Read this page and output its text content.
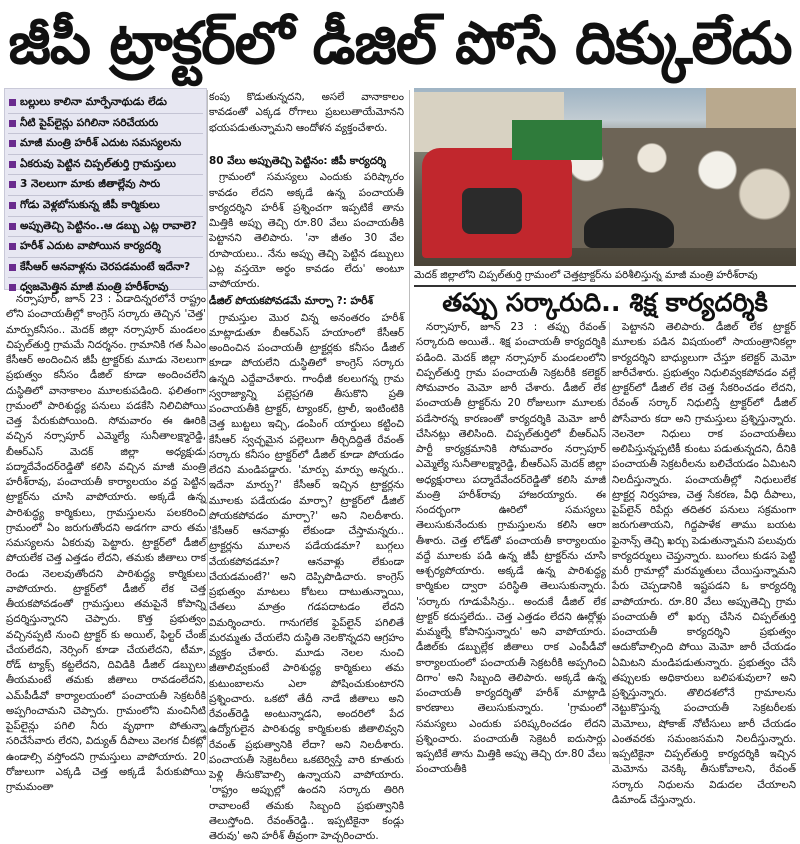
జీపీ ట్రాక్టర్‌లో డీజిల్‌ పోసే దిక్కులేదు
బల్లులు కాలినా మార్పేనాథుడు లేడు
నీటి పైప్‌లైన్లు పగిలినా సరిచేయరు
మాజీ మంత్రి హరీశ్‌ ఎదుట సమస్యలను
ఏకరువు పెట్టిన చిప్పల్‌తుర్తి గ్రామస్తులు
3 నెలలుగా మాకు జీతాల్లేవు సారు
గోడు వెళ్లబోసుకున్న జీపీ కార్మికులు
అప్పుతెచ్చి పెట్టినం..ఆ డబ్బు ఎట్ల రావాలె?
హరీశ్‌ ఎదుట వాపోయిన కార్యదర్శి
కేసీఆర్‌ ఆనవాళ్లను చెరపడమంటే ఇదేనా?
ధ్వజమెత్తిన మాజీ మంత్రి హరీశ్‌రావు

కంపు కొడుతున్నదని, అసలే వానాకాలం కావడంతో ఎక్కడ రోగాలు ప్రబలుతాయేమోనని భయపడుతున్నామని ఆందోళన వ్యక్తంచేశారు.

80 వేలు అప్పుతెచ్చి పెట్టినం: జీపీ కార్యదర్శి

గ్రామంలో సమస్యలు ఎందుకు పరిష్కారం కావడం లేదని అక్కడే ఉన్న పంచాయతీ కార్యదర్శిని హరీశ్‌ ప్రశ్నించగా ఇప్పటికే తాను మిత్తికి అప్పు తెచ్చి రూ.80 వేలు పంచాయతీకి పెట్టానని తెలిపారు. 'నా జీతం 30 వేల రూపాయలు.. నేను అప్పు తెచ్చి పెట్టిన డబ్బులు ఎట్ల వస్తయో అర్థం కావడం లేదు' అంటూ వాపోయారు.

డీజిల్‌ పోయకపోవడమే మార్పా ?: హరీశ్‌

గ్రామస్తుల మొర విన్న అనంతరం హరీశ్‌ మాట్లాడుతూ బీఆర్‌ఎస్‌ హయాంలో కేసీఆర్‌ అందించిన పంచాయతీ ట్రాక్టర్లకు కనీసం డీజిల్‌ కూడా పోయలేని దుస్థితిలో కాంగ్రెస్‌ సర్కారు ఉన్నది ఎద్దేవాచేశారు. గాంధీజీ కలలుగన్న గ్రామ స్వరాజ్యాన్ని పల్లెప్రగతి తీసుకొని ప్రతి పంచాయతీకి ట్రాక్టర్‌, ట్యాంకర్‌, ట్రాలీ, ఇంటింటికి చెత్త బుట్టలు ఇచ్చి, డంపింగ్‌ యార్డులు కట్టించి కేసీఆర్‌ స్వచ్ఛమైన పల్లెలుగా తీర్చిదిద్దితే రేవంత్‌ సర్కారు కనీసం ట్రాక్టర్‌లో డీజిల్‌ కూడా పోయడం లేదని మండిపడ్డారు. 'మార్పు మార్పు అన్నరు.. ఇదేనా మార్పు?' కేసీఆర్‌ ఇచ్చిన ట్రాక్టర్లను మూలకు పడేయడం మార్పా? ట్రాక్టర్‌లో డీజిల్‌ పోయకపోవడం మార్పా?' అని నిలదీశారు. 'కేసీఆర్‌ ఆనవాళ్లు లేకుండా చేస్తామన్నరు.. ట్రాక్టర్లను మూలన పడేయడమా? బుగ్గలు వేయకపోవడమా? ఆనవాళ్లు లేకుండా చేయడమంటే?' అని దెప్పిపొడిచారు. కాంగ్రెస్‌ ప్రభుత్వం మాటలు కోటలు దాటుతున్నాయి, చేతలు మాత్రం గడపదాటడం లేదని విమర్శించారు. గానుగలేక ఫైప్‌లైన్‌ పగిలితే మరమ్మతు చేయలేని దుస్థితి నెలకొన్నదని ఆగ్రహం వ్యక్తం చేశారు. మూడు నెలల నుంచి జీతాలివ్వకుంటే పారిశుద్ధ్య కార్మికులు తమ కుటుంబాలను ఎలా పోషించుకుంటారని ప్రశ్నించారు. ఒకటో తేదీ నాడే జీతాలు అని రేవంత్‌రెడ్డి అంటున్నాడని, అందరిలో పేద ఉద్యోగులైన పారిశుధ్య కార్మికులకు జీతాలివ్వని రేవంత్‌ ప్రభుత్వానికి లేదా? అని నిలదీశారు. పంచాయతీ సెక్రెటరీలు ఒకటెర్విస్తే వారి కూతురు పెళ్లి తీసుకొవాల్సి ఉన్నాయని వాపోయారు. 'రాష్ట్రం అప్పుల్లో ఉందని సర్కారు తిరిగి రావాలంటే తమకు సిబ్బంది ప్రభుత్వానికి తెలుస్తోంది. రేవంత్‌రెడ్డి.. ఇప్పటికైనా కండ్లు తెరువు' అని హరీశ్‌ తీవ్రంగా హెచ్చరించారు.

నర్సాపూర్‌, జూన్‌ 23 : ఏడాదిన్నరలోనే రాష్ట్రం లోని పంచాయతీల్లో కాంగ్రెస్‌ సర్కారు తెచ్చిన 'చెత్త' మార్పుకనీసం.. మెదక్‌ జిల్లా నర్సాపూర్‌ మండలం చిప్పల్‌తుర్తి గ్రామమే నిదర్శనం. గ్రామానికి గత సీఎం కేసీఆర్‌ అందించిన జీపీ ట్రాక్టర్‌కు మూడు నెలలుగా ప్రభుత్వం కనీసం డీజిల్‌ కూడా అందించలేని దుస్థితిలో వానాకాలం మూలకుపడింది. ఫలితంగా గ్రామంలో పారిశుద్ధ్య పనులు పడకేసి నిలిచిపోయి చెత్త పేరుకుపోయింది. సోమవారం ఈ ఊరికి వచ్చిన నర్సాపూర్‌ ఎమ్మెల్యే సునీతాలక్ష్మారెడ్డి, బీఆర్‌ఎస్‌ మెదక్‌ జిల్లా అధ్యక్షుడు పద్మాదేవేందర్‌రెడ్డితో కలిసి వచ్చిన మాజీ మంత్రి హరీశ్‌రావు, పంచాయతీ కార్యాలయం వద్ద పెట్టిన ట్రాక్టర్‌ను చూసి వాపోయారు. అక్కడే ఉన్న పారిశుద్ధ్య కార్మికులు, గ్రామస్తులను పలకరించి గ్రామంలో ఏం జరుగుతోందని అడగగా వారు తమ సమస్యలను ఏకరువు పెట్టారు. ట్రాక్టర్‌లో డీజిల్‌ పోయలేక చెత్త ఎత్తడం లేదని, తమకు జీతాలు రాక రెండు నెలలవుతోందని పారిశుద్ధ్య కార్మికులు వాపోయారు. ట్రాక్టర్‌లో డీజిల్‌ లేక చెత్త తీయకపోవడంతో గ్రామస్తులు తమపైనే కోపాన్ని ప్రదర్శిస్తున్నారని చెప్పారు. కొత్త ప్రభుత్వం వచ్చినప్పటి నుంచి ట్రాక్టర్‌ కు అయిల్‌, ఫిల్టర్‌ చేంజ్‌ చేయలేదని, నెర్సింగ్‌ కూడా చేయలేదని, టీమా, రోడ్‌ ట్యాక్స్‌ కట్టలేదని, దివిడికి డీజిల్‌ డబ్బులు తీయమంటే తమకు జీతాలు రావడంలేదని, ఎమ్‌పీడీవో కార్యాలయంలో పంచాయతీ సెక్రటరీకి అప్పగించామని చెప్పారు. గ్రామంలోని మంచినీటి పైప్‌లైన్లు పగిలి నీరు వృథాగా పోతున్నా సరిచేసేవారు లేరని, విద్యుత్‌ దీపాలు వెలగక చీకట్లో ఉండాల్సి వస్తోందని గ్రామస్తులు వాపోయారు. 20 రోజులుగా ఎక్కడి చెత్త అక్కడే పేరుకుపోయి గ్రామమంతా

మెదక్‌ జిల్లాలోని చిప్పల్‌తుర్తి గ్రామంలో చెత్తట్రాక్టర్‌ను పరిశీలిస్తున్న మాజీ మంత్రి హరీశ్‌రావు
తప్పు సర్కారుది.. శిక్ష కార్యదర్శికి

నర్సాపూర్‌, జూన్‌ 23 : తప్పు రేవంత్‌ సర్కారుది అయితే.. శిక్ష పంచాయతీ కార్యదర్శికి పడింది. మెదక్‌ జిల్లా నర్సాపూర్‌ మండలంలోని చిప్పల్‌తుర్తి గ్రామ పంచాయతీ సెక్రటరీకి కలెక్టర్‌ సోమవారం మెమో జారీ చేశారు. డీజిల్‌ లేక పంచాయతీ ట్రాక్టర్‌ను 20 రోజులుగా మూలకు పడేసారన్న కారణంతో కార్యదర్శికి మెమో జారీ చేసినట్లు తెలిసింది. చిప్పల్‌తుర్తిలో బీఆర్‌ఎస్‌ పార్టీ కార్యక్రమానికి సోమవారం నర్సాపూర్‌ ఎమ్మెల్యే సునీతాలక్ష్మారెడ్డి, బీఆర్‌ఎస్‌ మెదక్‌ జిల్లా అధ్యక్షురాలు పద్మాదేవేందర్‌రెడ్డితో కలిసి మాజీ మంత్రి హరీశ్‌రావు హాజరయ్యారు. ఈ సందర్భంగా ఊరిలో సమస్యలు తెలుసుకునేందుకు గ్రామస్తులను కలిసి ఆరా తీశారు. చెత్త లోడ్‌తో పంచాయతీ కార్యాలయం వద్దే మూలకు పడి ఉన్న జీపీ ట్రాక్టర్‌ను చూసి ఆశ్చర్యపోయారు. అక్కడే ఉన్న పారిశుద్ధ్య కార్మికుల ద్వారా పరిస్థితి తెలుసుకున్నారు. 'సర్కారు గూడుపేసిన్రు.. అందుకే డీజిల్‌ లేక ట్రాక్టర్‌ కదుస్తలేదు.. చెత్త ఎత్తడం లేదని ఊర్లోళ్లు మమ్మల్నే కోపానిస్తున్నారు' అని వాపోయారు. డీజిల్‌కు డబ్బుల్లేక జీతాలు రాక ఎంపీడీవో కార్యాలయంలో పంచాయతీ సెక్రటరీకి అప్పగించి దిగాం' అని సిబ్బంది తెలిపారు. అక్కడే ఉన్న పంచాయతీ కార్యదర్శితో హరీశ్‌ మాట్లాడి కారణాలు తెలుసుకున్నారు. 'గ్రామంలో సమస్యలు ఎందుకు పరిష్కరించడం లేదని ప్రశ్నించారు. పంచాయతీ సెక్రెటరీ ఐదుసార్లు ఇప్పటికే తాను మిత్తికి అప్పు తెచ్చి రూ.80 వేలు పంచాయతీకి

పెట్టానని తెలిపారు. డీజిల్‌ లేక ట్రాక్టర్‌ మూలకు పడిన విషయంలో సాయంత్రానికల్లా కార్యదర్శిని బాధ్యులుగా చేస్తూ కలెక్టర్‌ మెమో జారీచేశారు. ప్రభుత్వం నిధులివ్వకపోవడం వల్లే ట్రాక్టర్‌లో డీజిల్‌ లేక చెత్త సేకరించడం లేదని, రేవంత్‌ సర్కార్‌ నిధులిస్తే ట్రాక్టర్‌లో డీజిల్‌ పోసేవారు కదా అని గ్రామస్తులు ప్రశ్నిస్తున్నారు. నెలనెలా నిధులు రాక పంచాయతీలు అలిపిస్తున్నప్పటికీ కుంటు పడుతున్నదని, దీనికి పంచాయతీ సెక్రటరీలను బలిచేయడం ఏమిటని నిలదీస్తున్నారు. పంచాయతీల్లో నిధులులేక ట్రాక్టర్ల నిర్వహణ, చెత్త సేకరణ, వీధి దీపాలు, పైప్‌లైన్‌ రిపేర్లు తదితర పనులు సక్రమంగా జరుగుతాయని, గిద్దపాళేక తాము బయట ఫైనాన్స్‌ తెచ్చి ఖర్చు పెడుతున్నామని పలువురు కార్యదర్శులు చెప్తున్నారు. బుంగలు కుడస పెట్టి మరీ గ్రామాల్లో మరమ్మతులు చేయిస్తున్నామని పేరు చెప్పడానికి ఇష్టపడని ఓ కార్యదర్శి వాపోయారు. రూ.80 వేలు అప్పుతెచ్చి గ్రామ పంచాయతీ లో ఖర్చు చేసిన చిప్పల్‌తుర్తి పంచాయతీ కార్యదర్శిని ప్రభుత్వం ఆదుకోవాల్సింది పోయి మెమో జారీ చేయడం ఏమిటని మండిపడుతున్నారు. ప్రభుత్వం చేసే తప్పులకు అధికారులు బలిపశువులా? అని ప్రశ్నిస్తున్నారు. తొలిదశలోనే గ్రామాలను నెట్టుకొస్తున్న పంచాయతీ సెక్రటరీలకు మెమోలు, షోకాజ్‌ నోటీసులు జారీ చేయడం ఎంతవరకు సమంజసమని నిలదీస్తున్నారు. ఇప్పటికైనా చిప్పల్‌తుర్తి కార్యదర్శికి ఇచ్చిన మెమోను వెనక్కి తీసుకోవాలని, రేవంత్‌ సర్కారు నిధులను విడుదల చేయాలని డిమాండ్‌ చేస్తున్నారు.
